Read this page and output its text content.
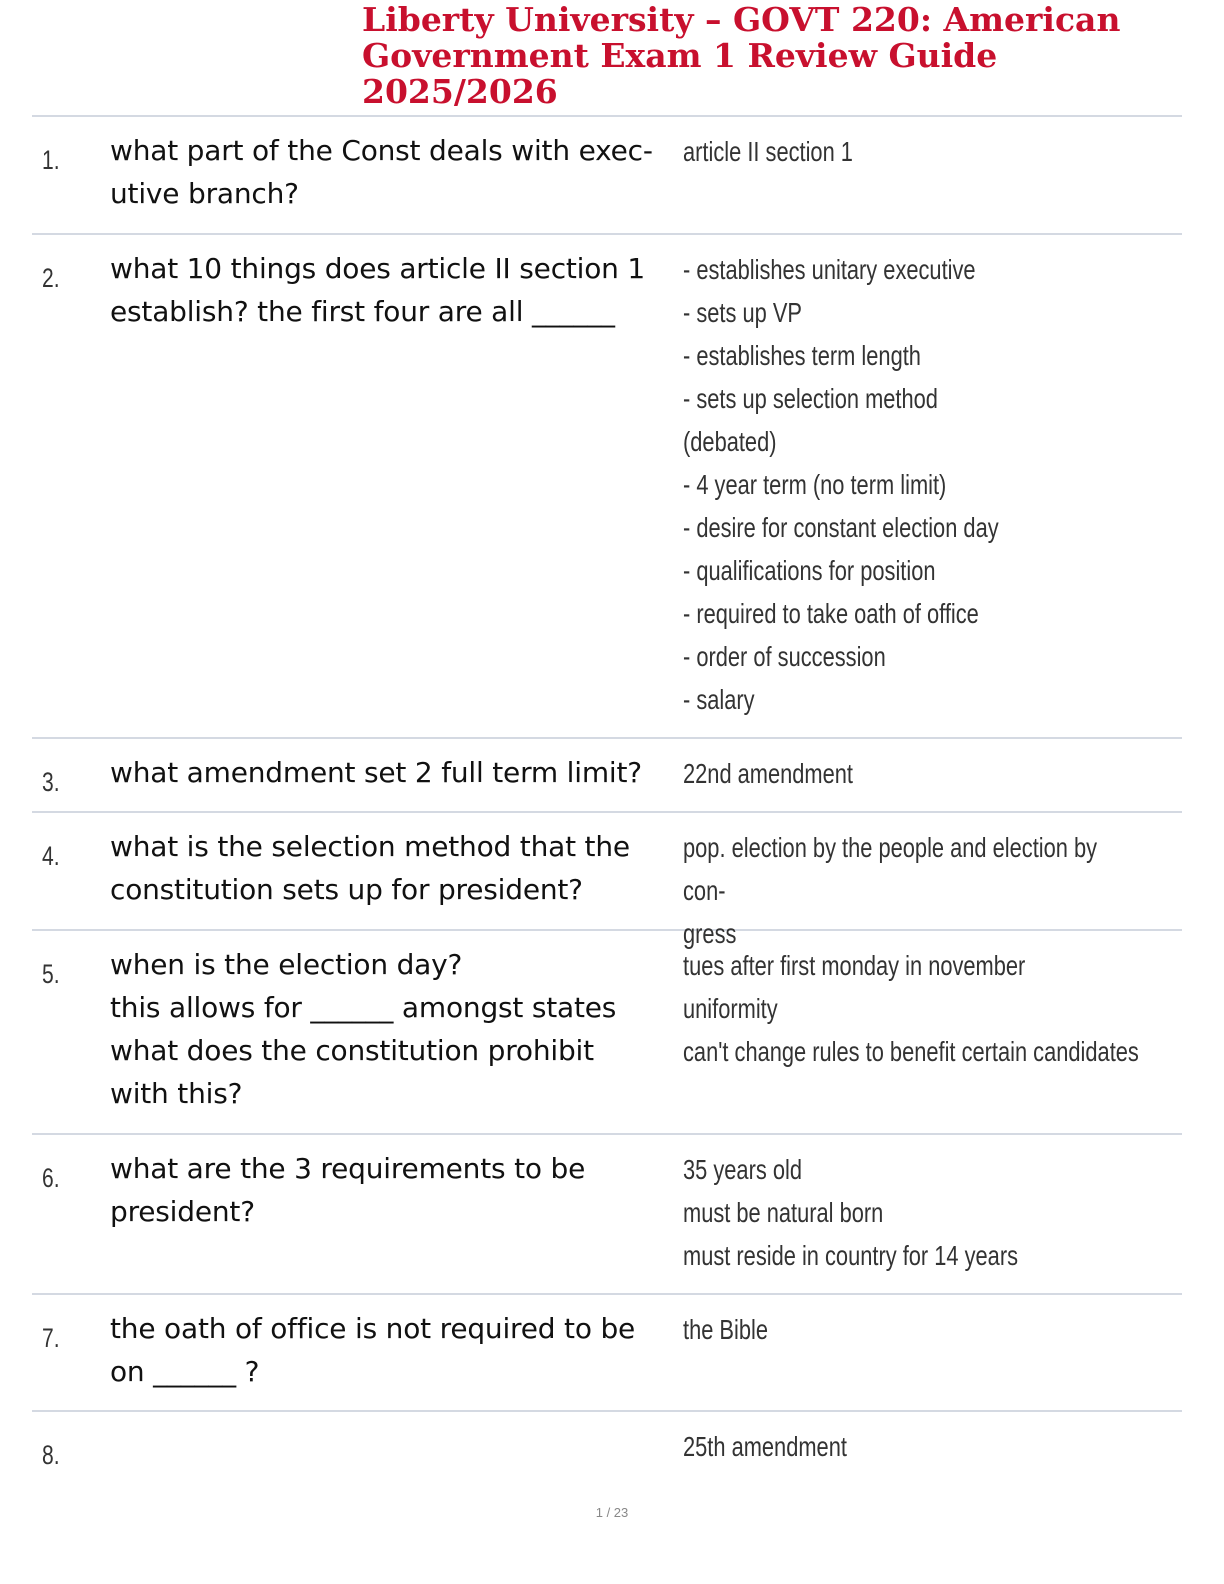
Liberty University – GOVT 220: American Government Exam 1 Review Guide 2025/2026
1. what part of the Const deals with exec-
utive branch?
article II section 1
2. what 10 things does article II section 1
establish? the first four are all ______
- establishes unitary executive
- sets up VP
- establishes term length
- sets up selection method
(debated)
- 4 year term (no term limit)
- desire for constant election day
- qualifications for position
- required to take oath of office
- order of succession
- salary
3. what amendment set 2 full term limit?	22nd amendment
4. what is the selection method that the
constitution sets up for president?
pop. election by the people and election by con-
gress
5. when is the election day?
this allows for ______ amongst states
what does the constitution prohibit
with this?
tues after first monday in november
uniformity
can't change rules to benefit certain candidates
6. what are the 3 requirements to be
president?
35 years old
must be natural born
must reside in country for 14 years
7. the oath of office is not required to be
on ______ ?
the Bible
8.	25th amendment
1 / 23
